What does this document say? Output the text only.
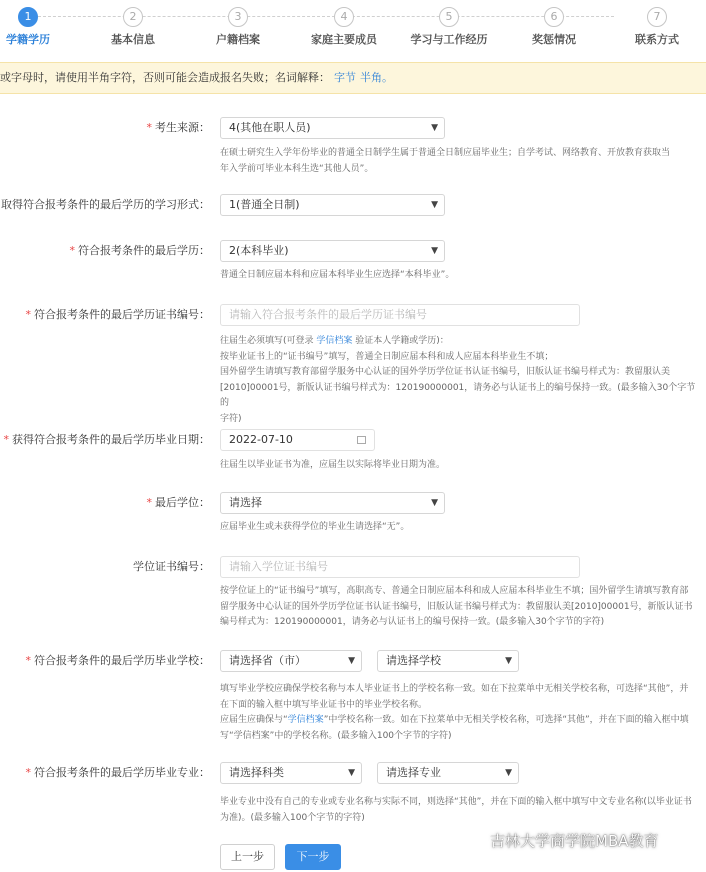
1
学籍学历
2
基本信息
3
户籍档案
4
家庭主要成员
5
学习与工作经历
6
奖惩情况
7
联系方式
或字母时，请使用半角字符，否则可能会造成报名失败；名词解释： 字节 半角。
* 考生来源：	4(其他在职人员)	▼
在硕士研究生入学年份毕业的普通全日制学生属于普通全日制应届毕业生；自学考试、网络教育、开放教育获取当
年入学前可毕业本科生选“其他人员”。
取得符合报考条件的最后学历的学习形式：	1(普通全日制)	▼
* 符合报考条件的最后学历：	2(本科毕业)	▼
普通全日制应届本科和应届本科毕业生应选择“本科毕业”。
* 符合报考条件的最后学历证书编号：	请输入符合报考条件的最后学历证书编号
往届生必须填写(可登录 学信档案 验证本人学籍或学历)：
按毕业证书上的“证书编号”填写，普通全日制应届本科和成人应届本科毕业生不填；
国外留学生请填写教育部留学服务中心认证的国外学历学位证书认证书编号，旧版认证书编号样式为：教留服认美
[2010]00001号，新版认证书编号样式为：120190000001，请务必与认证书上的编号保持一致。(最多输入30个字节的
字符)
* 获得符合报考条件的最后学历毕业日期：	2022-07-10
往届生以毕业证书为准，应届生以实际将毕业日期为准。
* 最后学位：	请选择	▼
应届毕业生或未获得学位的毕业生请选择“无”。
学位证书编号：	请输入学位证书编号
按学位证上的“证书编号”填写，高职高专、普通全日制应届本科和成人应届本科毕业生不填；国外留学生请填写教育部
留学服务中心认证的国外学历学位证书认证书编号，旧版认证书编号样式为：教留服认美[2010]00001号，新版认证书
编号样式为：120190000001，请务必与认证书上的编号保持一致。(最多输入30个字节的字符)
* 符合报考条件的最后学历毕业学校：	请选择省（市）	▼	请选择学校	▼
填写毕业学校应确保学校名称与本人毕业证书上的学校名称一致。如在下拉菜单中无相关学校名称，可选择“其他”，并
在下面的输入框中填写毕业证书中的毕业学校名称。
应届生应确保与“学信档案”中学校名称一致。如在下拉菜单中无相关学校名称，可选择“其他”，并在下面的输入框中填
写“学信档案”中的学校名称。(最多输入100个字节的字符)
* 符合报考条件的最后学历毕业专业：	请选择科类	▼	请选择专业	▼
毕业专业中没有自己的专业或专业名称与实际不同，则选择“其他”，并在下面的输入框中填写中文专业名称(以毕业证书
为准)。(最多输入100个字节的字符)
上一步	下一步
吉林大学商学院MBA教育
